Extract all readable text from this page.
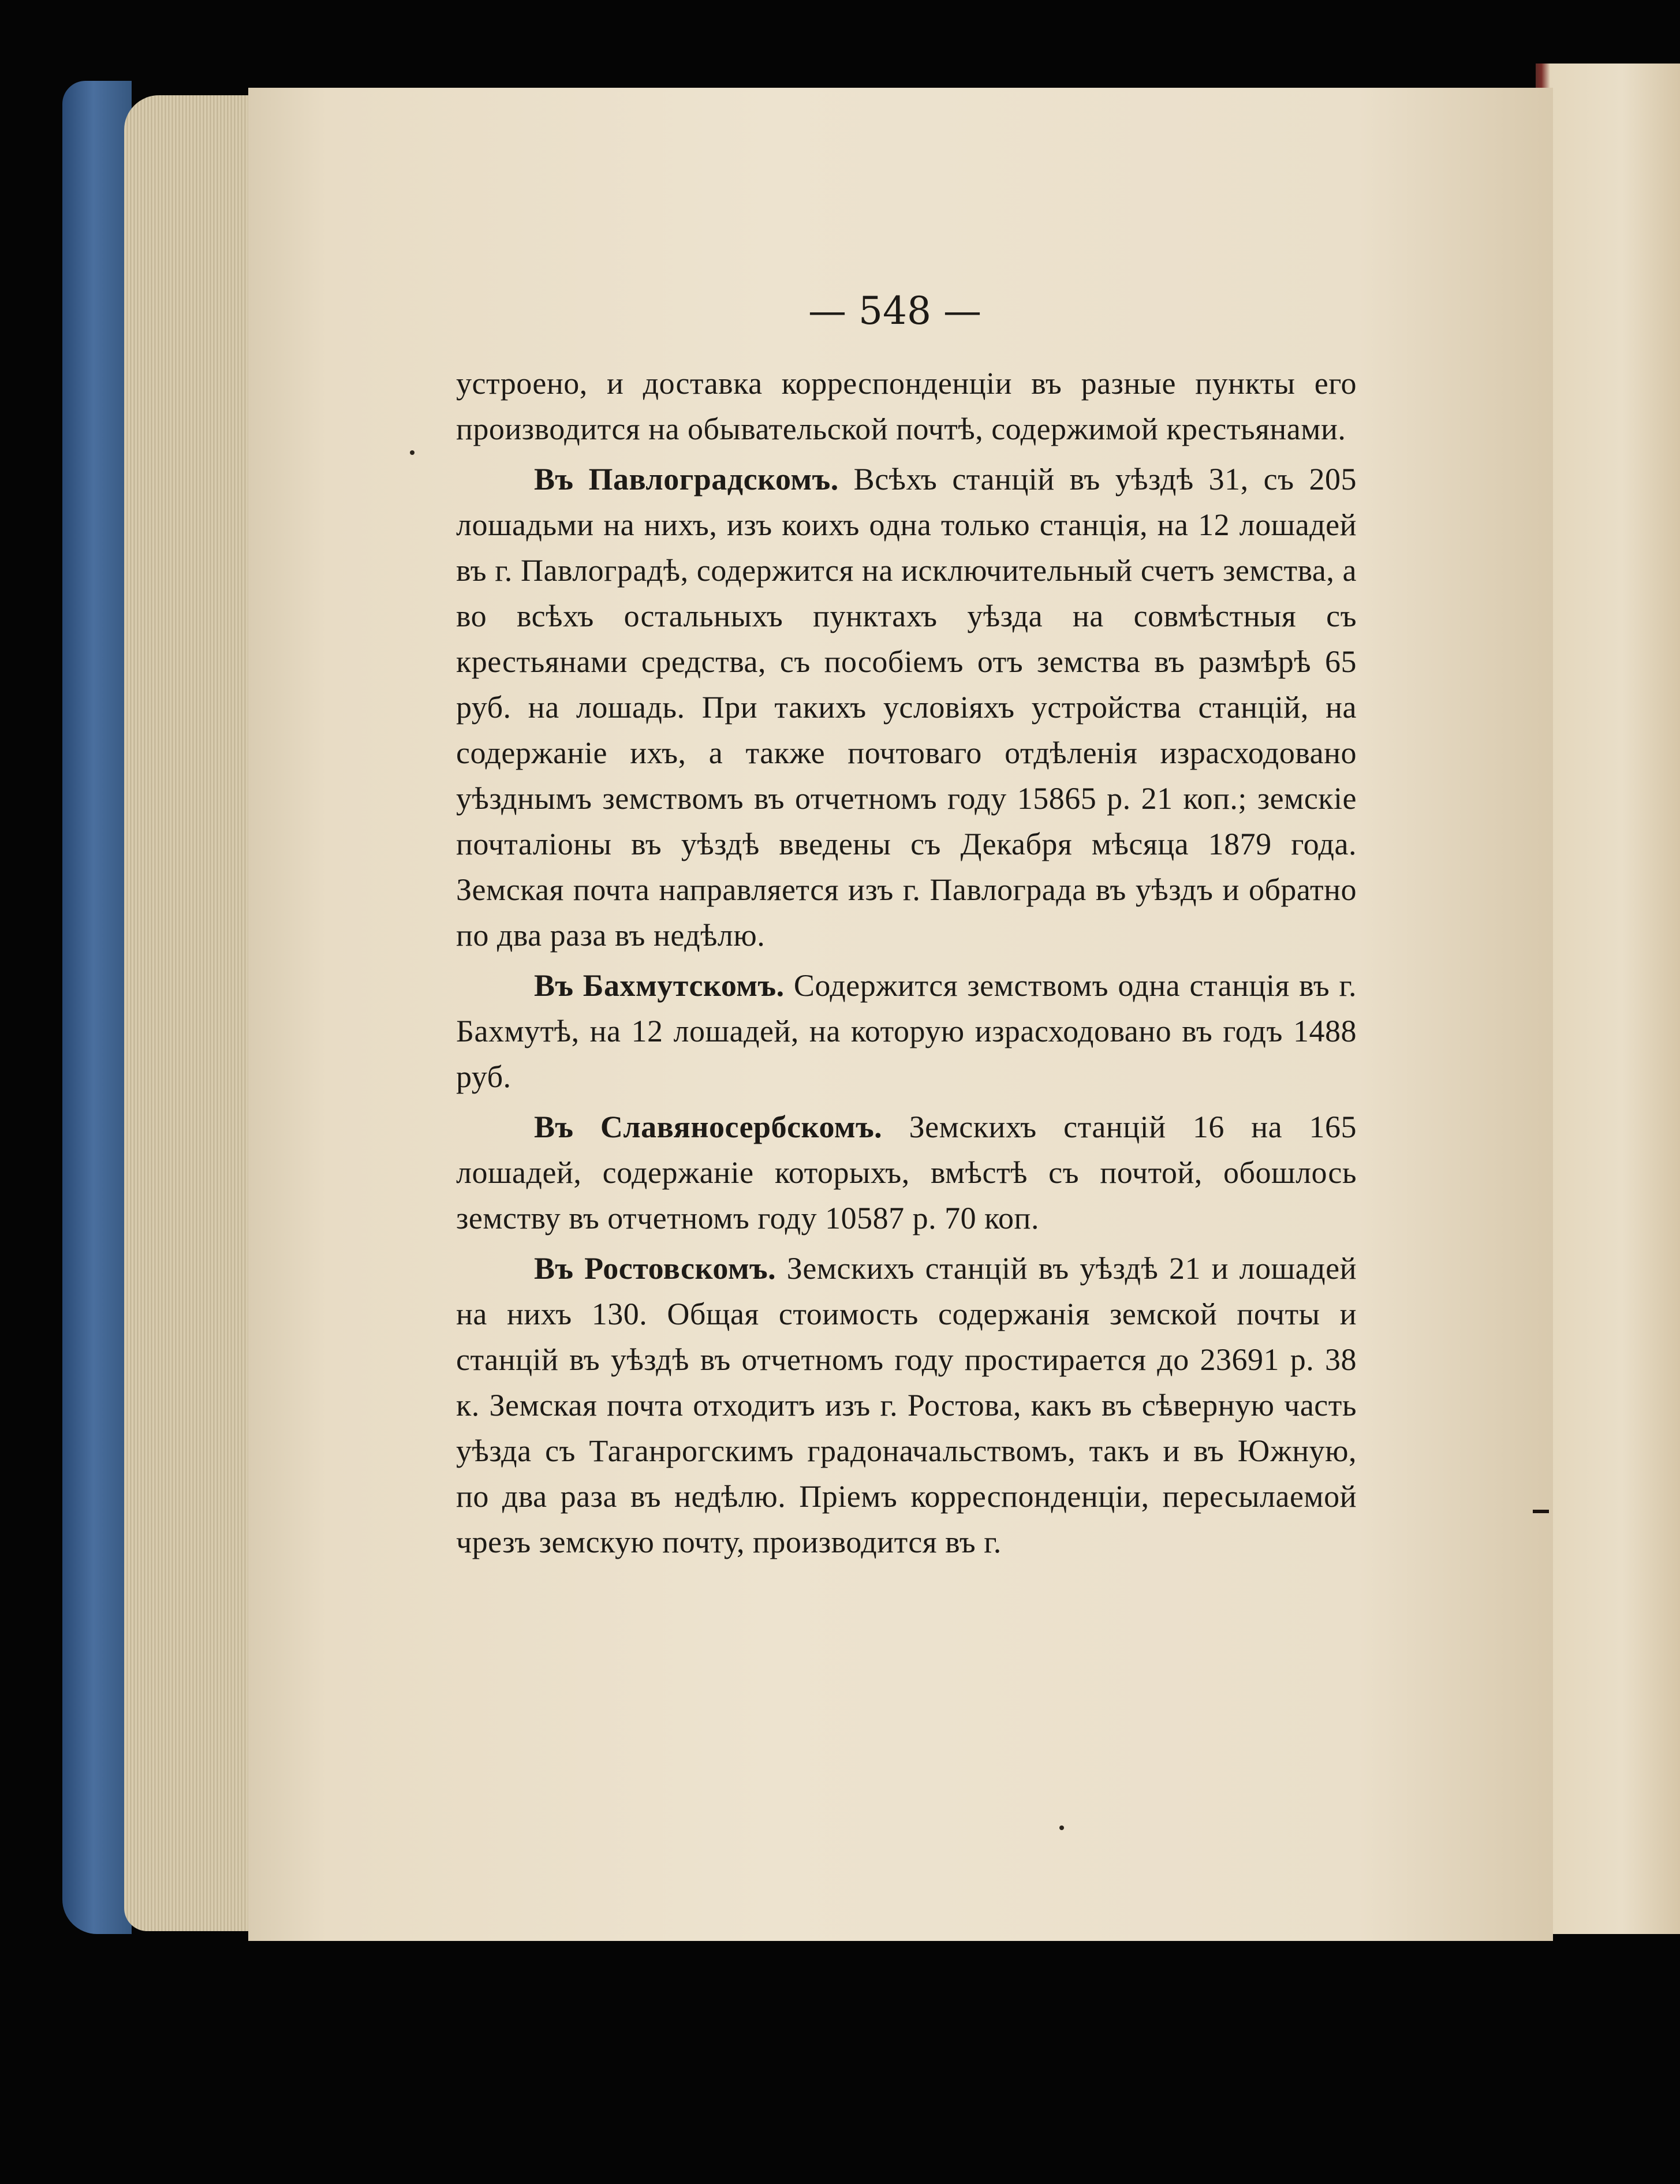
— 548 —

устроено, и доставка корреспонденціи въ разные пункты его производится на обывательской почтѣ, содержимой крестьянами.

Въ Павлоградскомъ. Всѣхъ станцій въ уѣздѣ 31, съ 205 лошадьми на нихъ, изъ коихъ одна только станція, на 12 лошадей въ г. Павлоградѣ, содержится на исключительный счетъ земства, а во всѣхъ остальныхъ пунктахъ уѣзда на совмѣстныя съ крестьянами средства, съ пособіемъ отъ земства въ размѣрѣ 65 руб. на лошадь. При такихъ условіяхъ устройства станцій, на содержаніе ихъ, а также почтоваго отдѣленія израсходовано уѣзднымъ земствомъ въ отчетномъ году 15865 р. 21 коп.; земскіе почталіоны въ уѣздѣ введены съ Декабря мѣсяца 1879 года. Земская почта направляется изъ г. Павлограда въ уѣздъ и обратно по два раза въ недѣлю.

Въ Бахмутскомъ. Содержится земствомъ одна станція въ г. Бахмутѣ, на 12 лошадей, на которую израсходовано въ годъ 1488 руб.

Въ Славяносербскомъ. Земскихъ станцій 16 на 165 лошадей, содержаніе которыхъ, вмѣстѣ съ почтой, обошлось земству въ отчетномъ году 10587 р. 70 коп.

Въ Ростовскомъ. Земскихъ станцій въ уѣздѣ 21 и лошадей на нихъ 130. Общая стоимость содержанія земской почты и станцій въ уѣздѣ въ отчетномъ году простирается до 23691 р. 38 к. Земская почта отходитъ изъ г. Ростова, какъ въ сѣверную часть уѣзда съ Таганрогскимъ градоначальствомъ, такъ и въ Южную, по два раза въ недѣлю. Пріемъ корреспонденціи, пересылаемой чрезъ земскую почту, производится въ г.
